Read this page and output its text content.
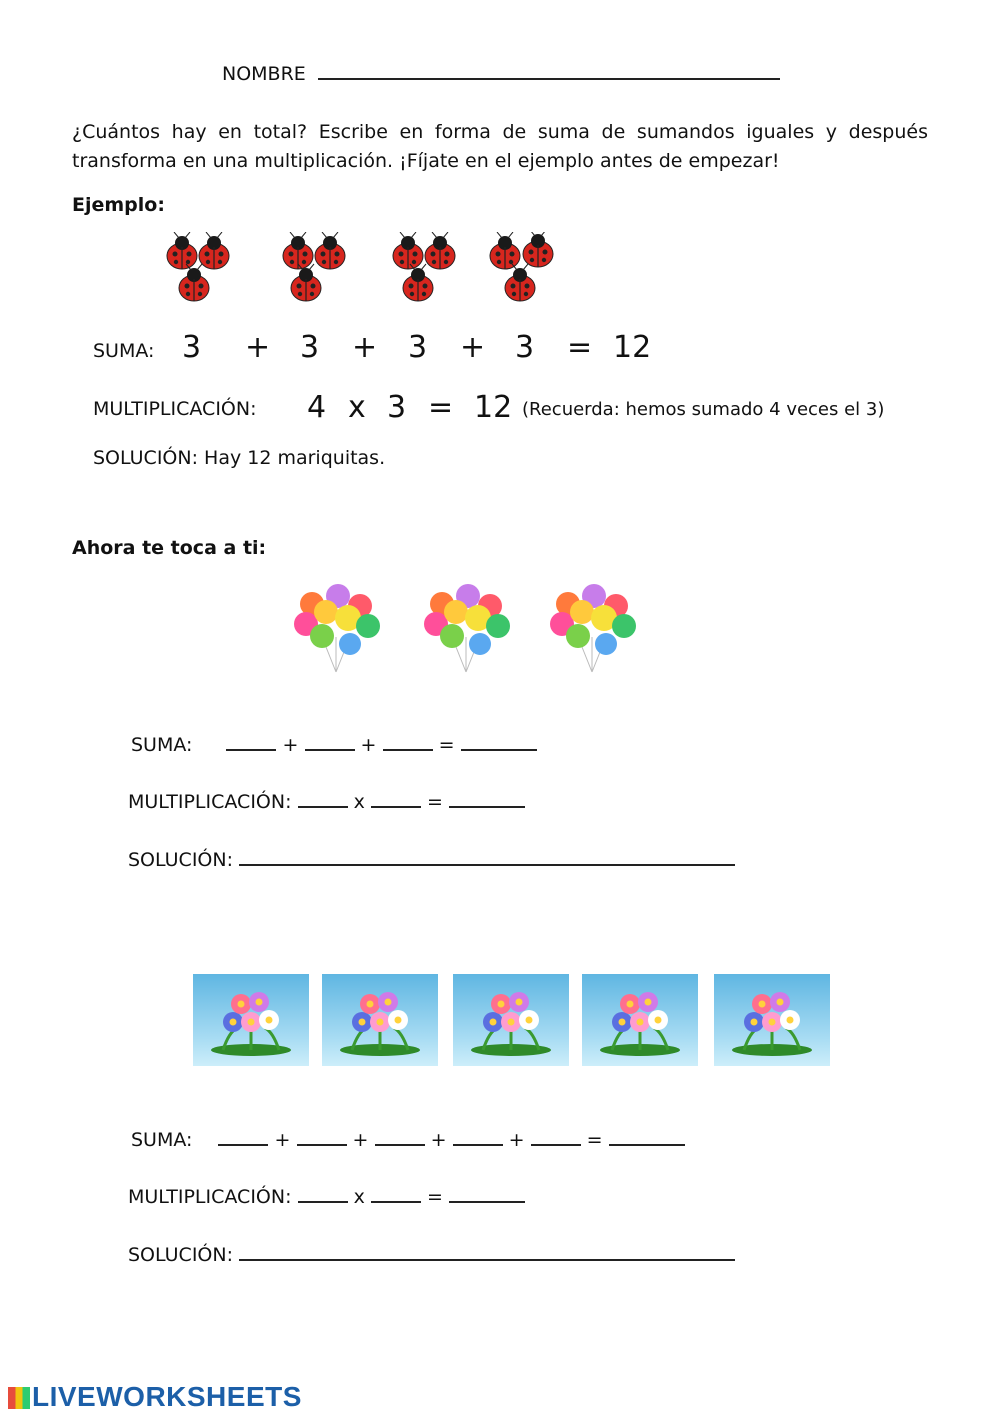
NOMBRE
¿Cuántos hay en total? Escribe en forma de suma de sumandos iguales y después transforma en una multiplicación. ¡Fíjate en el ejemplo antes de empezar!
Ejemplo:
SUMA: 3 + 3 + 3 + 3 = 12
MULTIPLICACIÓN: 4 x 3 = 12 (Recuerda: hemos sumado 4 veces el 3)
SOLUCIÓN: Hay 12 mariquitas.
Ahora te toca a ti:
SUMA:	+	+	=
MULTIPLICACIÓN:	x	=
SOLUCIÓN:
SUMA:	+	+	+	+	=
MULTIPLICACIÓN:	x	=
SOLUCIÓN:
LIVEWORKSHEETS
